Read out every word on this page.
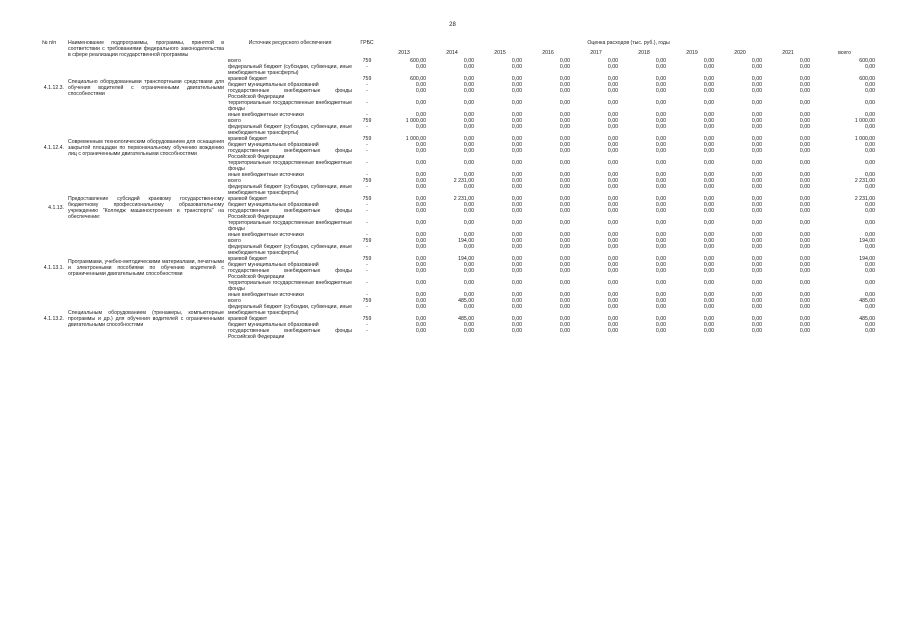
28
№ п/п	Наименование подпрограммы, программы, принятой в соответствии с требованиями федерального законодательства в сфере реализации государственной программы	Источник ресурсного обеспечения	ГРБС	Оценка расходов (тыс. руб.), годы									
				2013	2014	2015	2016	2017	2018	2019	2020	2021	всего
4.1.12.3.	Специально оборудованными транспортными средствами для обучения водителей с ограниченными двигательными способностями	всего	759	600,00	0,00	0,00	0,00	0,00	0,00	0,00	0,00	0,00	600,00
		федеральный бюджет (субсидии, субвенции, иные межбюджетные трансферты)	-	0,00	0,00	0,00	0,00	0,00	0,00	0,00	0,00	0,00	0,00
		краевой бюджет	759	600,00	0,00	0,00	0,00	0,00	0,00	0,00	0,00	0,00	600,00
		бюджет муниципальных образований	-	0,00	0,00	0,00	0,00	0,00	0,00	0,00	0,00	0,00	0,00
		государственные внебюджетные фонды Российской Федерации	-	0,00	0,00	0,00	0,00	0,00	0,00	0,00	0,00	0,00	0,00
		территориальные государственные внебюджетные фонды	-	0,00	0,00	0,00	0,00	0,00	0,00	0,00	0,00	0,00	0,00
		иные внебюджетные источники	-	0,00	0,00	0,00	0,00	0,00	0,00	0,00	0,00	0,00	0,00
4.1.12.4.	Современным технологическим оборудованием для оснащения закрытой площадки по первоначальному обучению вождению лиц с ограниченными двигательными способностями	всего	759	1 000,00	0,00	0,00	0,00	0,00	0,00	0,00	0,00	0,00	1 000,00
		федеральный бюджет (субсидии, субвенции, иные межбюджетные трансферты)	-	0,00	0,00	0,00	0,00	0,00	0,00	0,00	0,00	0,00	0,00
		краевой бюджет	759	1 000,00	0,00	0,00	0,00	0,00	0,00	0,00	0,00	0,00	1 000,00
		бюджет муниципальных образований	-	0,00	0,00	0,00	0,00	0,00	0,00	0,00	0,00	0,00	0,00
		государственные внебюджетные фонды Российской Федерации	-	0,00	0,00	0,00	0,00	0,00	0,00	0,00	0,00	0,00	0,00
		территориальные государственные внебюджетные фонды	-	0,00	0,00	0,00	0,00	0,00	0,00	0,00	0,00	0,00	0,00
		иные внебюджетные источники	-	0,00	0,00	0,00	0,00	0,00	0,00	0,00	0,00	0,00	0,00
4.1.13.	Предоставление субсидий краевому государственному бюджетному профессиональному образовательному учреждению "Колледж машиностроения и транспорта" на обеспечение:	всего	759	0,00	2 231,00	0,00	0,00	0,00	0,00	0,00	0,00	0,00	2 231,00
		федеральный бюджет (субсидии, субвенции, иные межбюджетные трансферты)	-	0,00	0,00	0,00	0,00	0,00	0,00	0,00	0,00	0,00	0,00
		краевой бюджет	759	0,00	2 231,00	0,00	0,00	0,00	0,00	0,00	0,00	0,00	2 231,00
		бюджет муниципальных образований	-	0,00	0,00	0,00	0,00	0,00	0,00	0,00	0,00	0,00	0,00
		государственные внебюджетные фонды Российской Федерации	-	0,00	0,00	0,00	0,00	0,00	0,00	0,00	0,00	0,00	0,00
		территориальные государственные внебюджетные фонды	-	0,00	0,00	0,00	0,00	0,00	0,00	0,00	0,00	0,00	0,00
		иные внебюджетные источники	-	0,00	0,00	0,00	0,00	0,00	0,00	0,00	0,00	0,00	0,00
4.1.13.1.	Программами, учебно-методическими материалами, печатными и электронными пособиями по обучению водителей с ограниченными двигательными способностями	всего	759	0,00	194,00	0,00	0,00	0,00	0,00	0,00	0,00	0,00	194,00
		федеральный бюджет (субсидии, субвенции, иные межбюджетные трансферты)	-	0,00	0,00	0,00	0,00	0,00	0,00	0,00	0,00	0,00	0,00
		краевой бюджет	759	0,00	194,00	0,00	0,00	0,00	0,00	0,00	0,00	0,00	194,00
		бюджет муниципальных образований	-	0,00	0,00	0,00	0,00	0,00	0,00	0,00	0,00	0,00	0,00
		государственные внебюджетные фонды Российской Федерации	-	0,00	0,00	0,00	0,00	0,00	0,00	0,00	0,00	0,00	0,00
		территориальные государственные внебюджетные фонды	-	0,00	0,00	0,00	0,00	0,00	0,00	0,00	0,00	0,00	0,00
		иные внебюджетные источники	-	0,00	0,00	0,00	0,00	0,00	0,00	0,00	0,00	0,00	0,00
4.1.13.2.	Специальным оборудованием (тренажеры, компьютерные программы и др.) для обучения водителей с ограниченными двигательными способностями	всего	759	0,00	485,00	0,00	0,00	0,00	0,00	0,00	0,00	0,00	485,00
		федеральный бюджет (субсидии, субвенции, иные межбюджетные трансферты)	-	0,00	0,00	0,00	0,00	0,00	0,00	0,00	0,00	0,00	0,00
		краевой бюджет	759	0,00	485,00	0,00	0,00	0,00	0,00	0,00	0,00	0,00	485,00
		бюджет муниципальных образований	-	0,00	0,00	0,00	0,00	0,00	0,00	0,00	0,00	0,00	0,00
		государственные внебюджетные фонды Российской Федерации	-	0,00	0,00	0,00	0,00	0,00	0,00	0,00	0,00	0,00	0,00
